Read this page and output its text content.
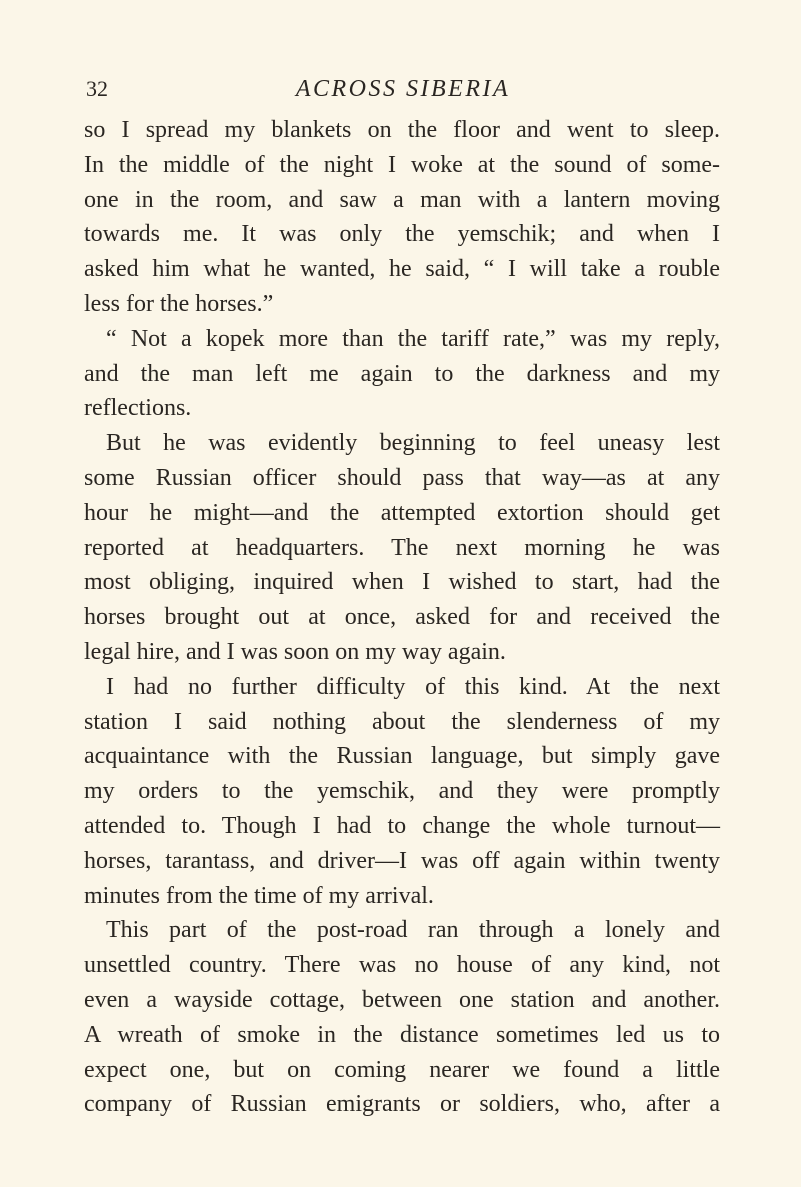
32	ACROSS SIBERIA
so I spread my blankets on the floor and went to sleep.
In the middle of the night I woke at the sound of some-
one in the room, and saw a man with a lantern moving
towards me. It was only the yemschik; and when I
asked him what he wanted, he said, “ I will take a rouble
less for the horses.”
“ Not a kopek more than the tariff rate,” was my reply,
and the man left me again to the darkness and my
reflections.
But he was evidently beginning to feel uneasy lest
some Russian officer should pass that way—as at any
hour he might—and the attempted extortion should get
reported at headquarters. The next morning he was
most obliging, inquired when I wished to start, had the
horses brought out at once, asked for and received the
legal hire, and I was soon on my way again.
I had no further difficulty of this kind. At the next
station I said nothing about the slenderness of my
acquaintance with the Russian language, but simply gave
my orders to the yemschik, and they were promptly
attended to. Though I had to change the whole turnout—
horses, tarantass, and driver—I was off again within twenty
minutes from the time of my arrival.
This part of the post-road ran through a lonely and
unsettled country. There was no house of any kind, not
even a wayside cottage, between one station and another.
A wreath of smoke in the distance sometimes led us to
expect one, but on coming nearer we found a little
company of Russian emigrants or soldiers, who, after a
